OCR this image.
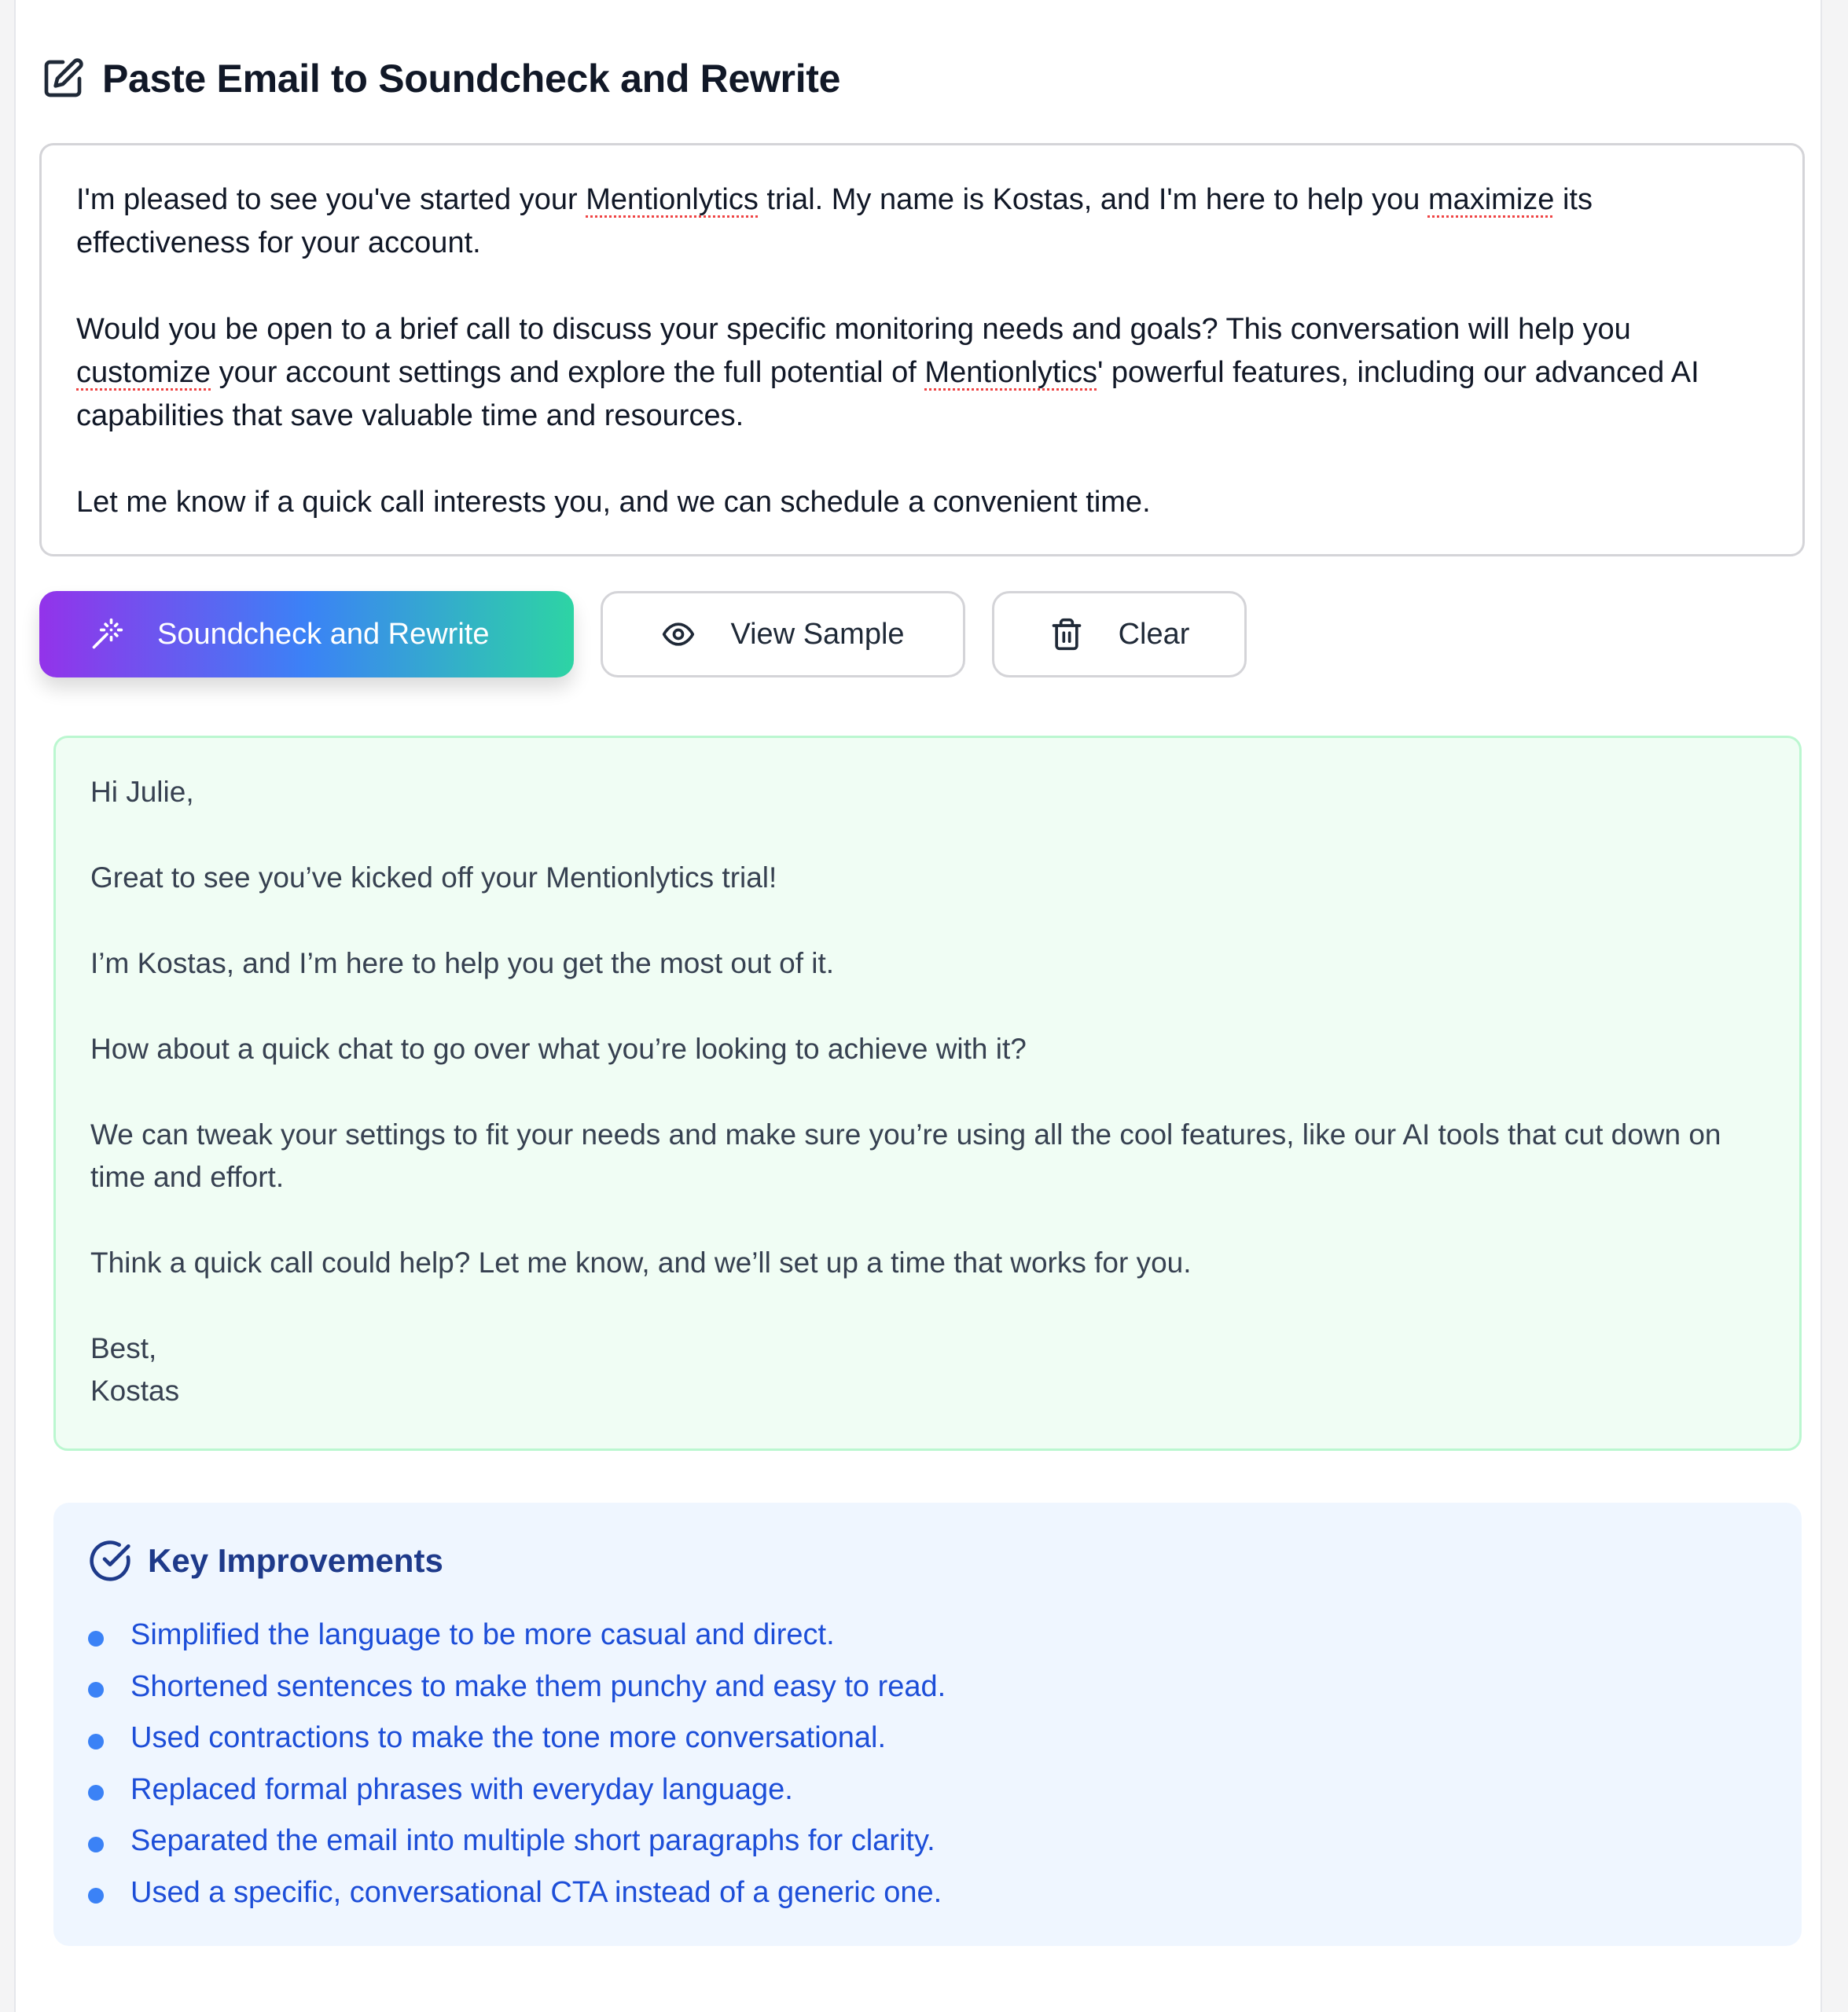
Paste Email to Soundcheck and Rewrite

I'm pleased to see you've started your Mentionlytics trial. My name is Kostas, and I'm here to help you maximize its effectiveness for your account.

Would you be open to a brief call to discuss your specific monitoring needs and goals? This conversation will help you customize your account settings and explore the full potential of Mentionlytics' powerful features, including our advanced AI capabilities that save valuable time and resources.

Let me know if a quick call interests you, and we can schedule a convenient time.

Soundcheck and Rewrite	View Sample	Clear

Hi Julie,

Great to see you’ve kicked off your Mentionlytics trial!

I’m Kostas, and I’m here to help you get the most out of it.

How about a quick chat to go over what you’re looking to achieve with it?

We can tweak your settings to fit your needs and make sure you’re using all the cool features, like our AI tools that cut down on time and effort.

Think a quick call could help? Let me know, and we’ll set up a time that works for you.

Best,

Kostas

Key Improvements
Simplified the language to be more casual and direct.
Shortened sentences to make them punchy and easy to read.
Used contractions to make the tone more conversational.
Replaced formal phrases with everyday language.
Separated the email into multiple short paragraphs for clarity.
Used a specific, conversational CTA instead of a generic one.
